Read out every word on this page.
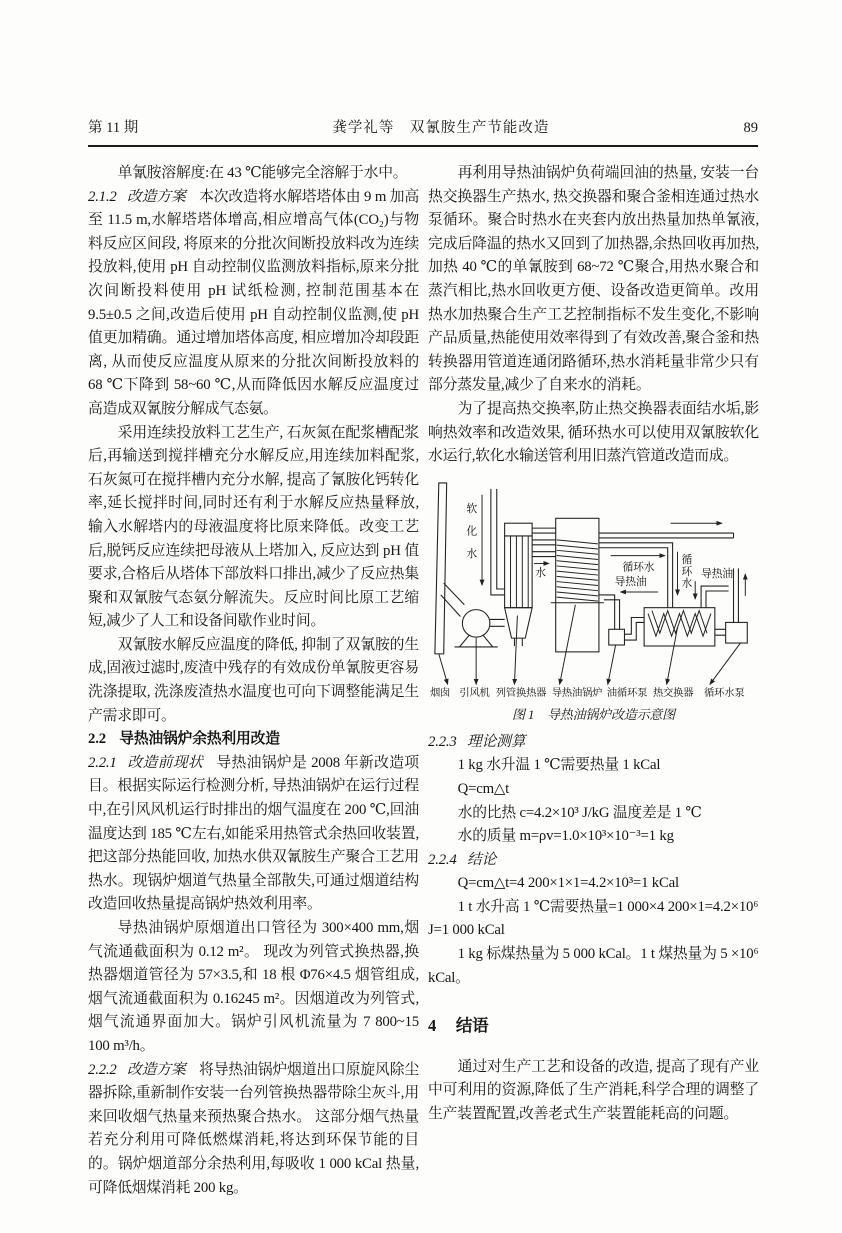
第 11 期	龚学礼等　双氰胺生产节能改造	89

单氰胺溶解度:在 43 ℃能够完全溶解于水中。

2.1.2 改造方案 本次改造将水解塔塔体由 9 m 加高至 11.5 m,水解塔塔体增高,相应增高气体(CO₂)与物料反应区间段, 将原来的分批次间断投放料改为连续投放料,使用 pH 自动控制仪监测放料指标,原来分批次间断投料使用 pH 试纸检测, 控制范围基本在 9.5±0.5 之间,改造后使用 pH 自动控制仪监测,使 pH 值更加精确。通过增加塔体高度, 相应增加冷却段距离, 从而使反应温度从原来的分批次间断投放料的 68 ℃下降到 58~60 ℃,从而降低因水解反应温度过高造成双氰胺分解成气态氨。

采用连续投放料工艺生产, 石灰氮在配浆槽配浆后,再输送到搅拌槽充分水解反应,用连续加料配浆,石灰氮可在搅拌槽内充分水解, 提高了氰胺化钙转化率,延长搅拌时间,同时还有利于水解反应热量释放,输入水解塔内的母液温度将比原来降低。改变工艺后,脱钙反应连续把母液从上塔加入, 反应达到 pH 值要求,合格后从塔体下部放料口排出,减少了反应热集聚和双氰胺气态氨分解流失。反应时间比原工艺缩短,减少了人工和设备间歇作业时间。

双氰胺水解反应温度的降低, 抑制了双氰胺的生成,固液过滤时,废渣中残存的有效成份单氰胺更容易洗涤提取, 洗涤废渣热水温度也可向下调整能满足生产需求即可。

2.2 导热油锅炉余热利用改造

2.2.1 改造前现状 导热油锅炉是 2008 年新改造项目。根据实际运行检测分析, 导热油锅炉在运行过程中,在引风风机运行时排出的烟气温度在 200 ℃,回油温度达到 185 ℃左右,如能采用热管式余热回收装置,把这部分热能回收, 加热水供双氰胺生产聚合工艺用热水。现锅炉烟道气热量全部散失,可通过烟道结构改造回收热量提高锅炉热效利用率。

导热油锅炉原烟道出口管径为 300×400 mm,烟气流通截面积为 0.12 m²。 现改为列管式换热器,换热器烟道管径为 57×3.5,和 18 根 Φ76×4.5 烟管组成,烟气流通截面积为 0.16245 m²。因烟道改为列管式,烟气流通界面加大。锅炉引风机流量为 7 800~15 100 m³/h。

2.2.2 改造方案 将导热油锅炉烟道出口原旋风除尘器拆除,重新制作安装一台列管换热器带除尘灰斗,用来回收烟气热量来预热聚合热水。 这部分烟气热量若充分利用可降低燃煤消耗,将达到环保节能的目的。锅炉烟道部分余热利用,每吸收 1 000 kCal 热量,可降低烟煤消耗 200 kg。

再利用导热油锅炉负荷端回油的热量, 安装一台热交换器生产热水, 热交换器和聚合釜相连通过热水泵循环。聚合时热水在夹套内放出热量加热单氰液,完成后降温的热水又回到了加热器,余热回收再加热,加热 40 ℃的单氰胺到 68~72 ℃聚合,用热水聚合和蒸汽相比,热水回收更方便、设备改造更简单。改用热水加热聚合生产工艺控制指标不发生变化,不影响产品质量,热能使用效率得到了有效改善,聚合釜和热转换器用管道连通闭路循环,热水消耗量非常少只有部分蒸发量,减少了自来水的消耗。

为了提高热交换率,防止热交换器表面结水垢,影响热效率和改造效果, 循环热水可以使用双氰胺软化水运行,软化水输送管利用旧蒸汽管道改造而成。

软化水
水	循环水
导热油	循环水 导热油
烟囱 引风机 列管换热器 导热油锅炉 油循环泵 热交换器 循环水泵
图 1　导热油锅炉改造示意图

2.2.3 理论测算

1 kg 水升温 1 ℃需要热量 1 kCal

Q=cm△t

水的比热 c=4.2×10³ J/kG 温度差是 1 ℃

水的质量 m=ρv=1.0×10³×10⁻³=1 kg

2.2.4 结论

Q=cm△t=4 200×1×1=4.2×10³=1 kCal

1 t 水升高 1 ℃需要热量=1 000×4 200×1=4.2×10⁶ J=1 000 kCal

1 kg 标煤热量为 5 000 kCal。1 t 煤热量为 5 ×10⁶ kCal。

4 结语

通过对生产工艺和设备的改造, 提高了现有产业中可利用的资源,降低了生产消耗,科学合理的调整了生产装置配置,改善老式生产装置能耗高的问题。
